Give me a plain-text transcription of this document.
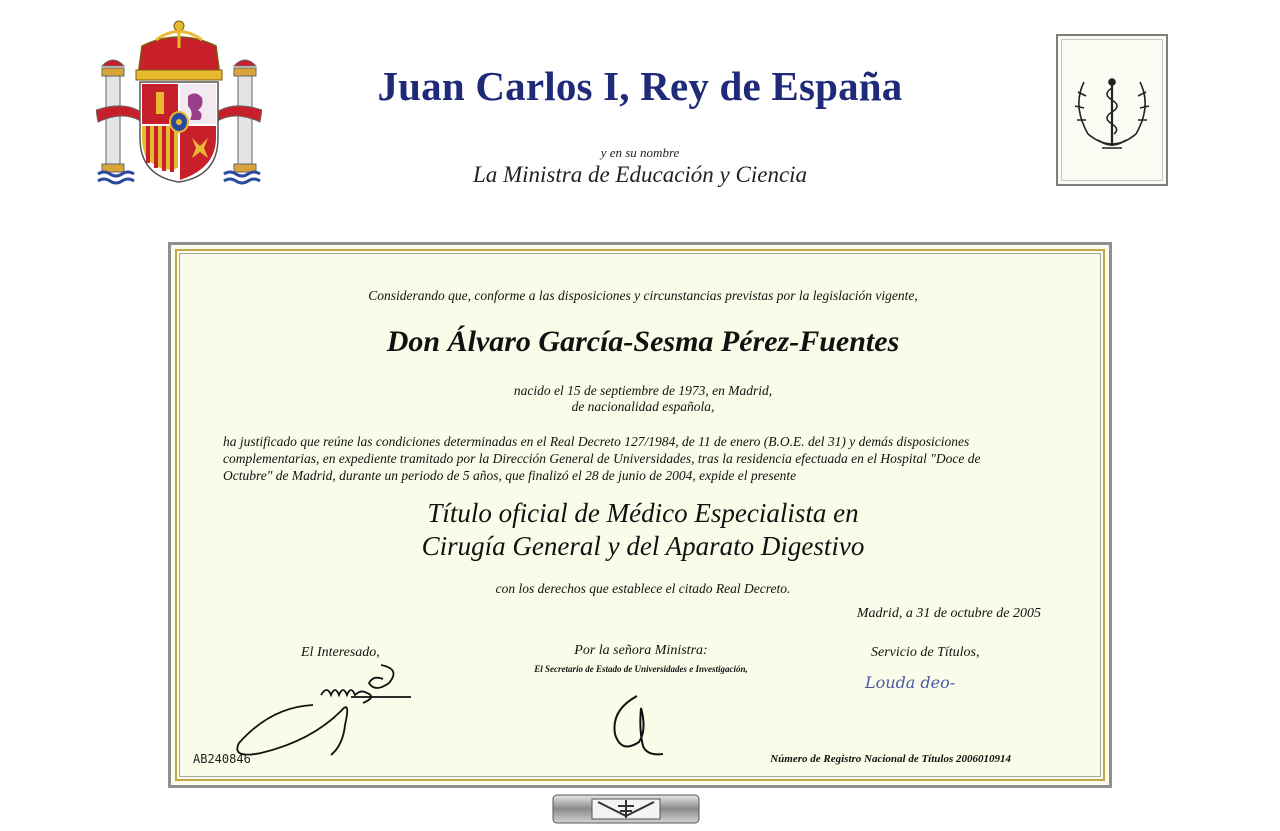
Juan Carlos I, Rey de España
y en su nombre
La Ministra de Educación y Ciencia
Considerando que, conforme a las disposiciones y circunstancias previstas por la legislación vigente,
Don Álvaro García-Sesma Pérez-Fuentes
nacido el 15 de septiembre de 1973, en Madrid,
de nacionalidad española,
ha justificado que reúne las condiciones determinadas en el Real Decreto 127/1984, de 11 de enero (B.O.E. del 31) y demás disposiciones
complementarias, en expediente tramitado por la Dirección General de Universidades, tras la residencia efectuada en el Hospital "Doce de
Octubre" de Madrid, durante un periodo de 5 años, que finalizó el 28 de junio de 2004, expide el presente
Título oficial de Médico Especialista en
Cirugía General y del Aparato Digestivo
con los derechos que establece el citado Real Decreto.
Madrid, a 31 de octubre de 2005
El Interesado,	Por la señora Ministra:
El Secretario de Estado de Universidades e Investigación,
Servicio de Títulos,
Louda deo-
AB240846	Número de Registro Nacional de Títulos 2006010914
